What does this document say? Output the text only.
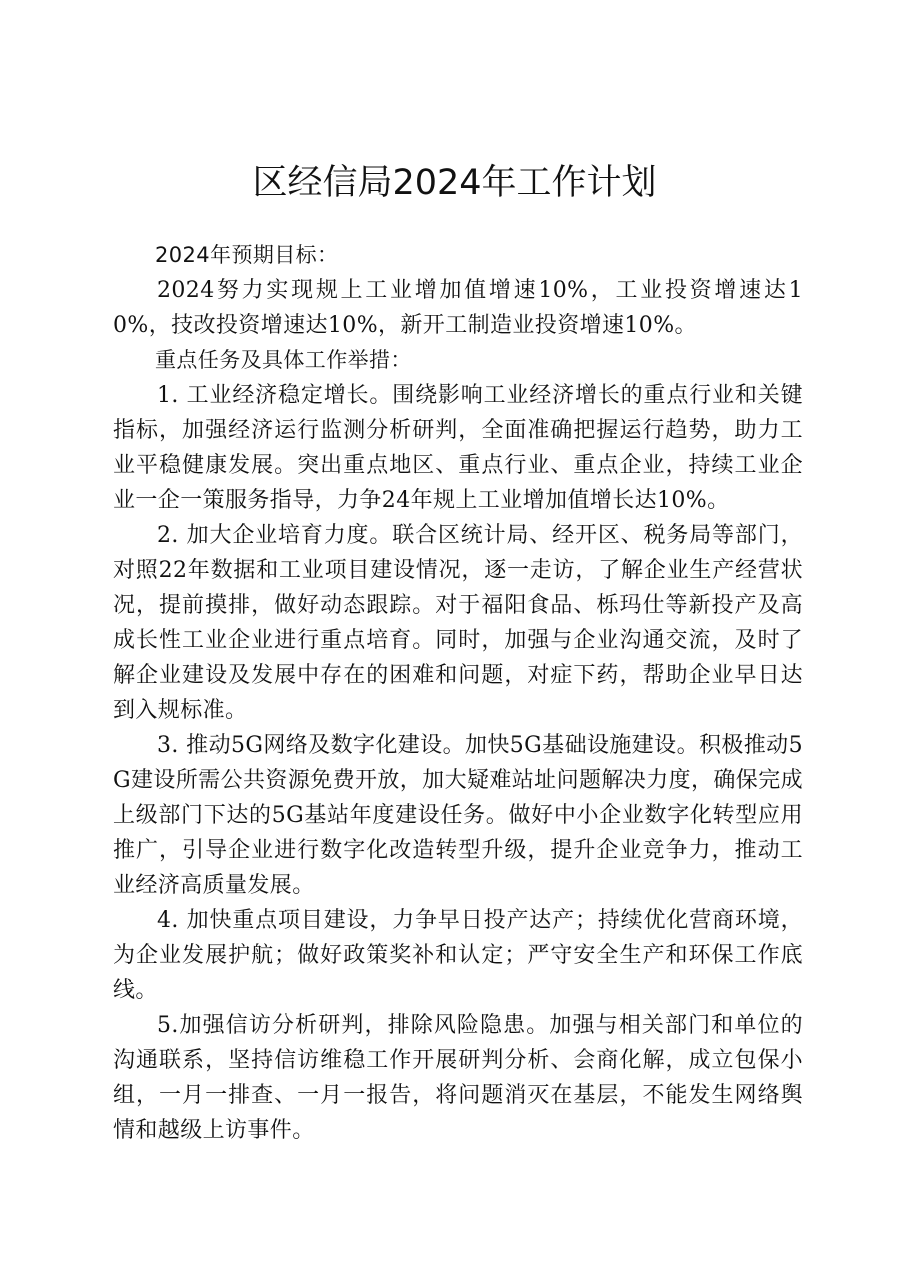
区经信局2024年工作计划

2024年预期目标：

2024努力实现规上工业增加值增速10%，工业投资增速达10%，技改投资增速达10%，新开工制造业投资增速10%。

重点任务及具体工作举措：

1. 工业经济稳定增长。围绕影响工业经济增长的重点行业和关键指标，加强经济运行监测分析研判，全面准确把握运行趋势，助力工业平稳健康发展。突出重点地区、重点行业、重点企业，持续工业企业一企一策服务指导，力争24年规上工业增加值增长达10%。

2. 加大企业培育力度。联合区统计局、经开区、税务局等部门，对照22年数据和工业项目建设情况，逐一走访，了解企业生产经营状况，提前摸排，做好动态跟踪。对于福阳食品、栎玛仕等新投产及高成长性工业企业进行重点培育。同时，加强与企业沟通交流，及时了解企业建设及发展中存在的困难和问题，对症下药，帮助企业早日达到入规标准。

3. 推动5G网络及数字化建设。加快5G基础设施建设。积极推动5G建设所需公共资源免费开放，加大疑难站址问题解决力度，确保完成上级部门下达的5G基站年度建设任务。做好中小企业数字化转型应用推广，引导企业进行数字化改造转型升级，提升企业竞争力，推动工业经济高质量发展。

4. 加快重点项目建设，力争早日投产达产；持续优化营商环境，为企业发展护航；做好政策奖补和认定；严守安全生产和环保工作底线。

5.加强信访分析研判，排除风险隐患。加强与相关部门和单位的沟通联系，坚持信访维稳工作开展研判分析、会商化解，成立包保小组，一月一排查、一月一报告，将问题消灭在基层，不能发生网络舆情和越级上访事件。
